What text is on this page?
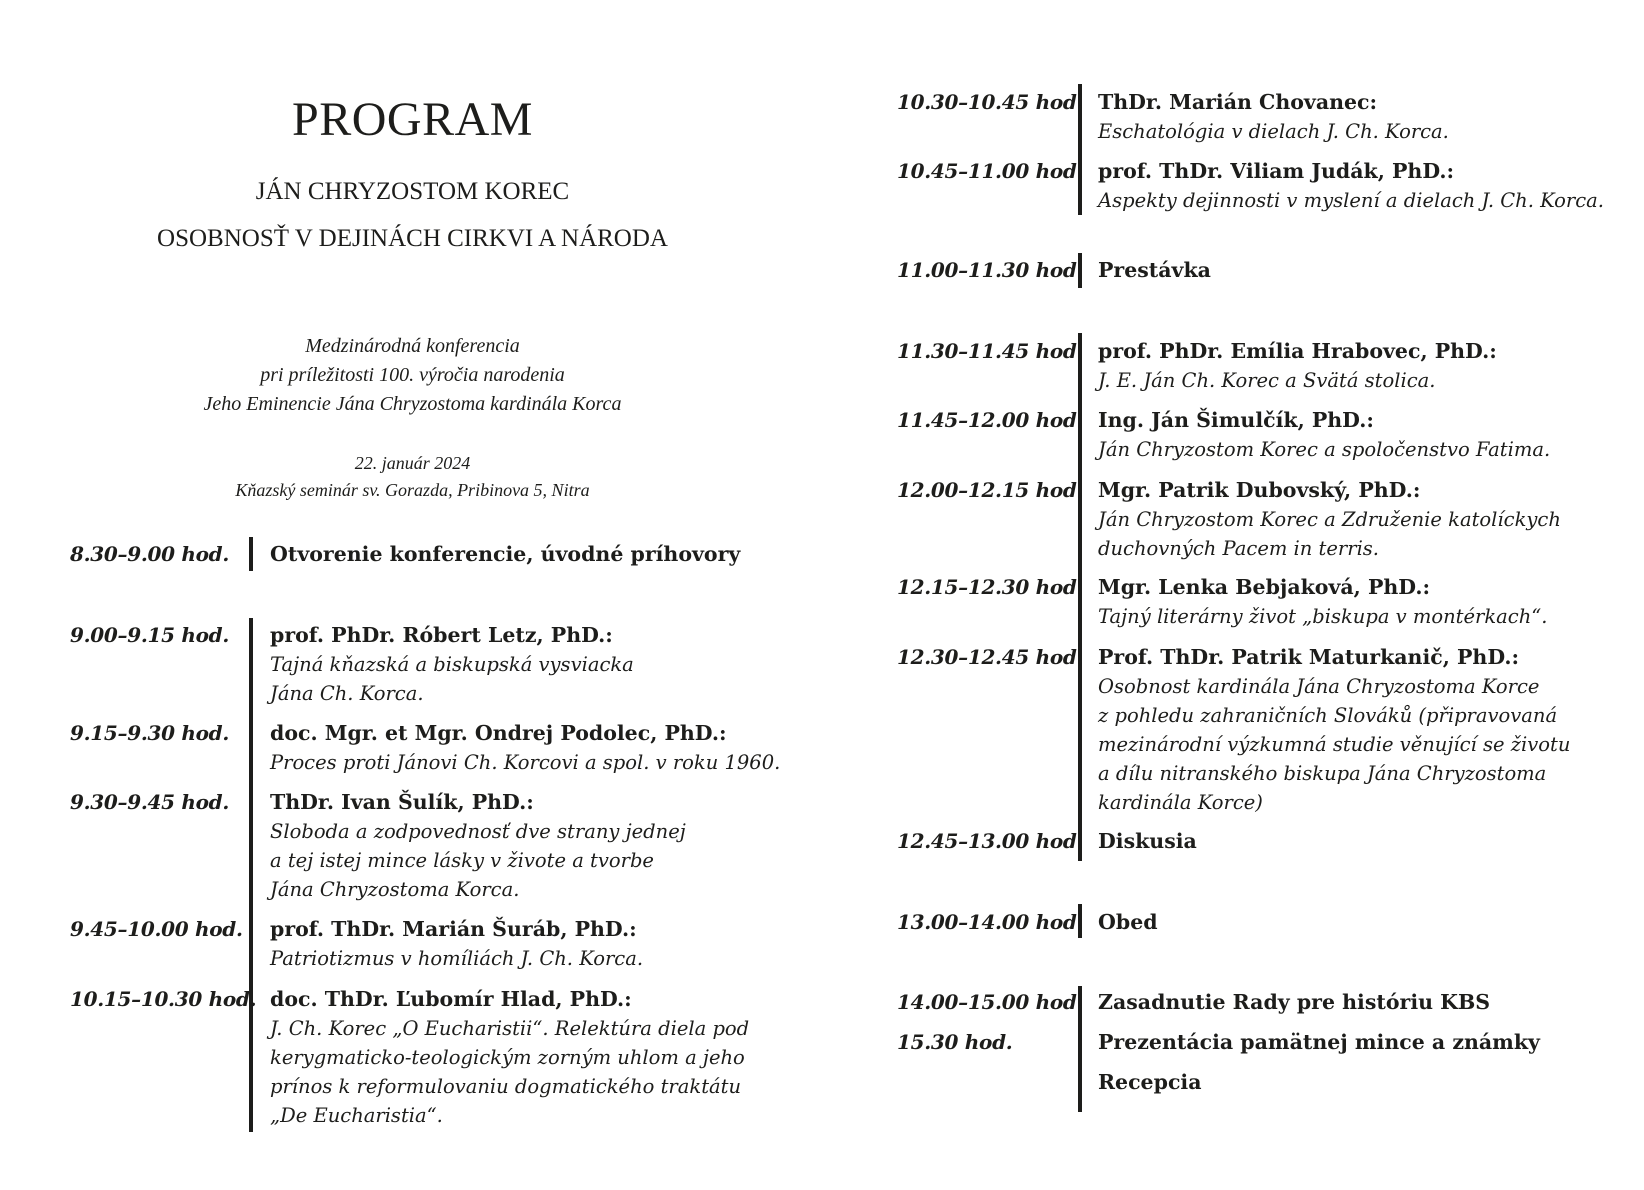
PROGRAM
JÁN CHRYZOSTOM KOREC
OSOBNOSŤ V DEJINÁCH CIRKVI A NÁRODA
Medzinárodná konferencia
pri príležitosti 100. výročia narodenia
Jeho Eminencie Jána Chryzostoma kardinála Korca
22. január 2024
Kňazský seminár sv. Gorazda, Pribinova 5, Nitra
8.30–9.00 hod. Otvorenie konferencie, úvodné príhovory
9.00–9.15 hod. prof. PhDr. Róbert Letz, PhD.:
Tajná kňazská a biskupská vysviacka
Jána Ch. Korca.
9.15–9.30 hod. doc. Mgr. et Mgr. Ondrej Podolec, PhD.:
Proces proti Jánovi Ch. Korcovi a spol. v roku 1960.
9.30–9.45 hod. ThDr. Ivan Šulík, PhD.:
Sloboda a zodpovednosť dve strany jednej
a tej istej mince lásky v živote a tvorbe
Jána Chryzostoma Korca.
9.45–10.00 hod. prof. ThDr. Marián Šuráb, PhD.:
Patriotizmus v homíliách J. Ch. Korca.
10.15–10.30 hod. doc. ThDr. Ľubomír Hlad, PhD.:
J. Ch. Korec „O Eucharistii“. Relektúra diela pod
kerygmaticko-teologickým zorným uhlom a jeho
prínos k reformulovaniu dogmatického traktátu
„De Eucharistia“.
10.30–10.45 hod. ThDr. Marián Chovanec:
Eschatológia v dielach J. Ch. Korca.
10.45–11.00 hod. prof. ThDr. Viliam Judák, PhD.:
Aspekty dejinnosti v myslení a dielach J. Ch. Korca.
11.00–11.30 hod. Prestávka
11.30–11.45 hod. prof. PhDr. Emília Hrabovec, PhD.:
J. E. Ján Ch. Korec a Svätá stolica.
11.45–12.00 hod. Ing. Ján Šimulčík, PhD.:
Ján Chryzostom Korec a spoločenstvo Fatima.
12.00–12.15 hod. Mgr. Patrik Dubovský, PhD.:
Ján Chryzostom Korec a Združenie katolíckych
duchovných Pacem in terris.
12.15–12.30 hod. Mgr. Lenka Bebjaková, PhD.:
Tajný literárny život „biskupa v montérkach“.
12.30–12.45 hod. Prof. ThDr. Patrik Maturkanič, PhD.:
Osobnost kardinála Jána Chryzostoma Korce
z pohledu zahraničních Slováků (připravovaná
mezinárodní výzkumná studie věnující se životu
a dílu nitranského biskupa Jána Chryzostoma
kardinála Korce)
12.45–13.00 hod. Diskusia
13.00–14.00 hod. Obed
14.00–15.00 hod. Zasadnutie Rady pre históriu KBS
15.30 hod.	Prezentácia pamätnej mince a známky
Recepcia
